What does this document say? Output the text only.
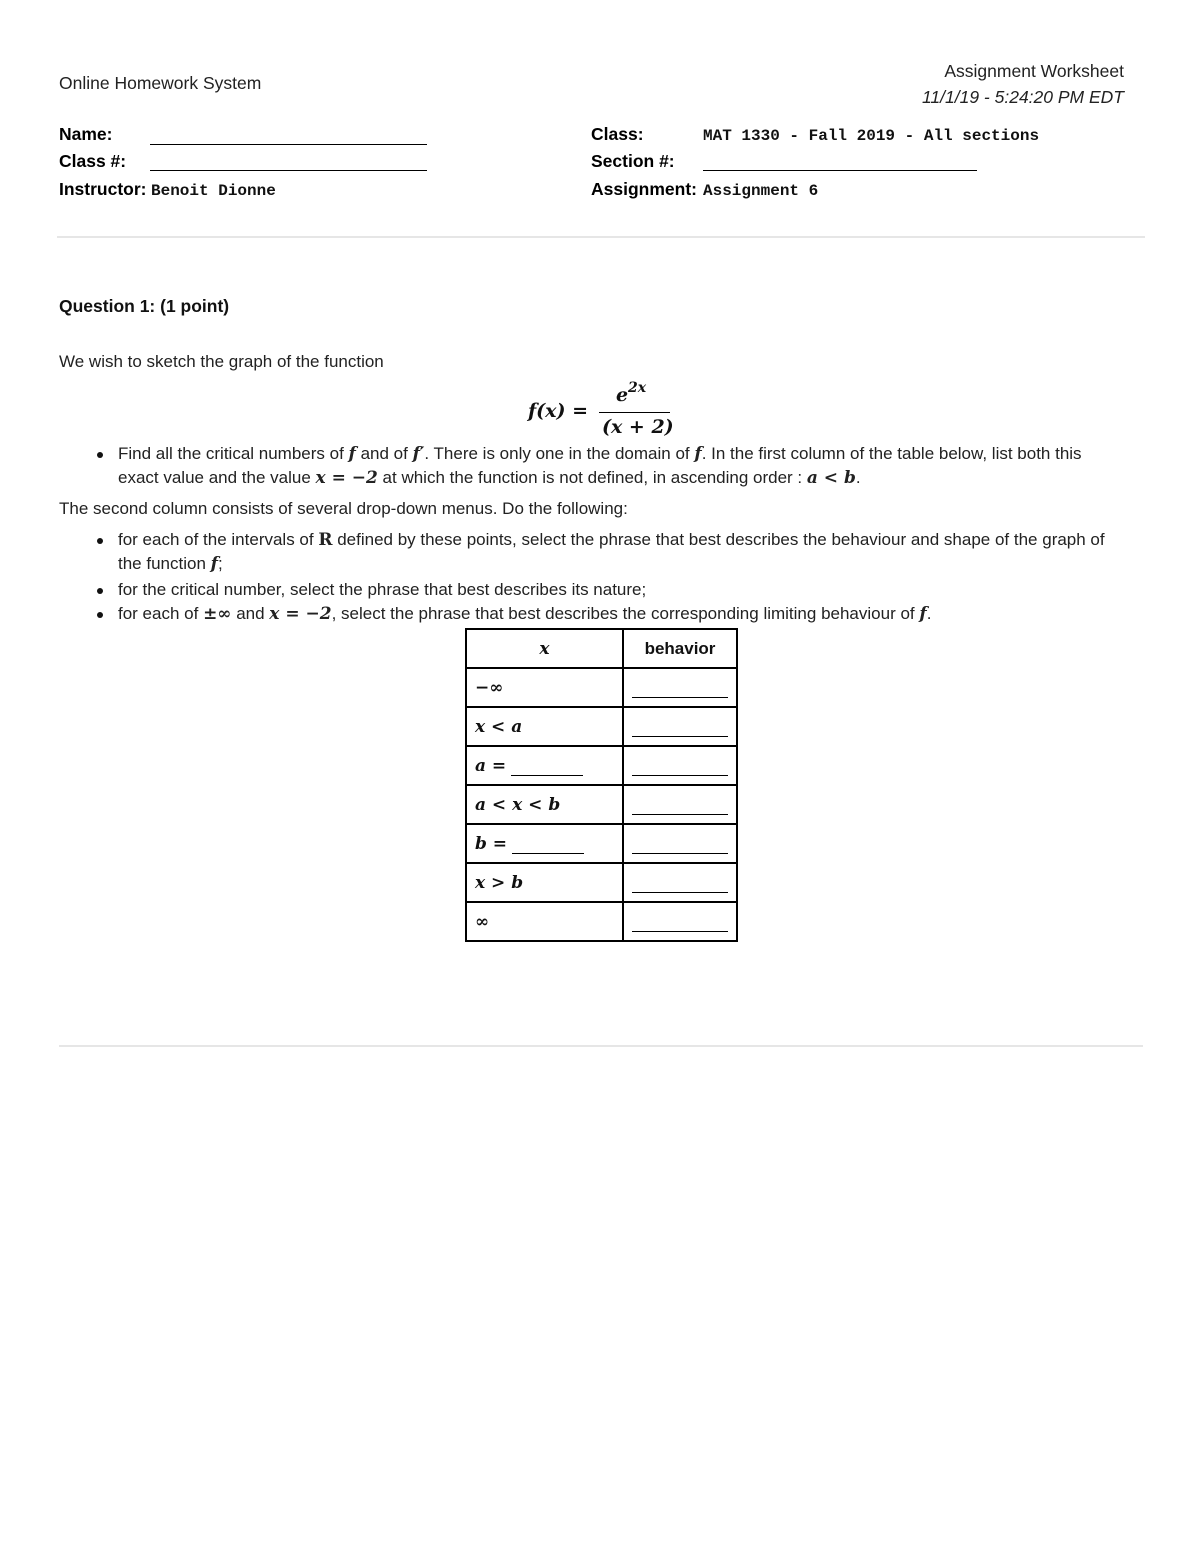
Online Homework System
Assignment Worksheet
11/1/19 - 5:24:20 PM EDT
Name:
Class #:
Instructor: Benoit Dionne
Class:	MAT 1330 - Fall 2019 - All sections
Section #:
Assignment: Assignment 6
Question 1: (1 point)
We wish to sketch the graph of the function
f(x) =
e 2x
(x + 2)
Find all the critical numbers of f and of f′. There is only one in the domain of f. In the first column of the table below, list both this exact value and the value x = −2 at which the function is not defined, in ascending order : a < b.
The second column consists of several drop-down menus. Do the following:
for each of the intervals of R defined by these points, select the phrase that best describes the behaviour and shape of the graph of the function f;
for the critical number, select the phrase that best describes its nature;
for each of ±∞ and x = −2, select the phrase that best describes the corresponding limiting behaviour of f.
x	behavior
−∞	
x < a	
a =	
a < x < b	
b =	
x > b	
∞	
